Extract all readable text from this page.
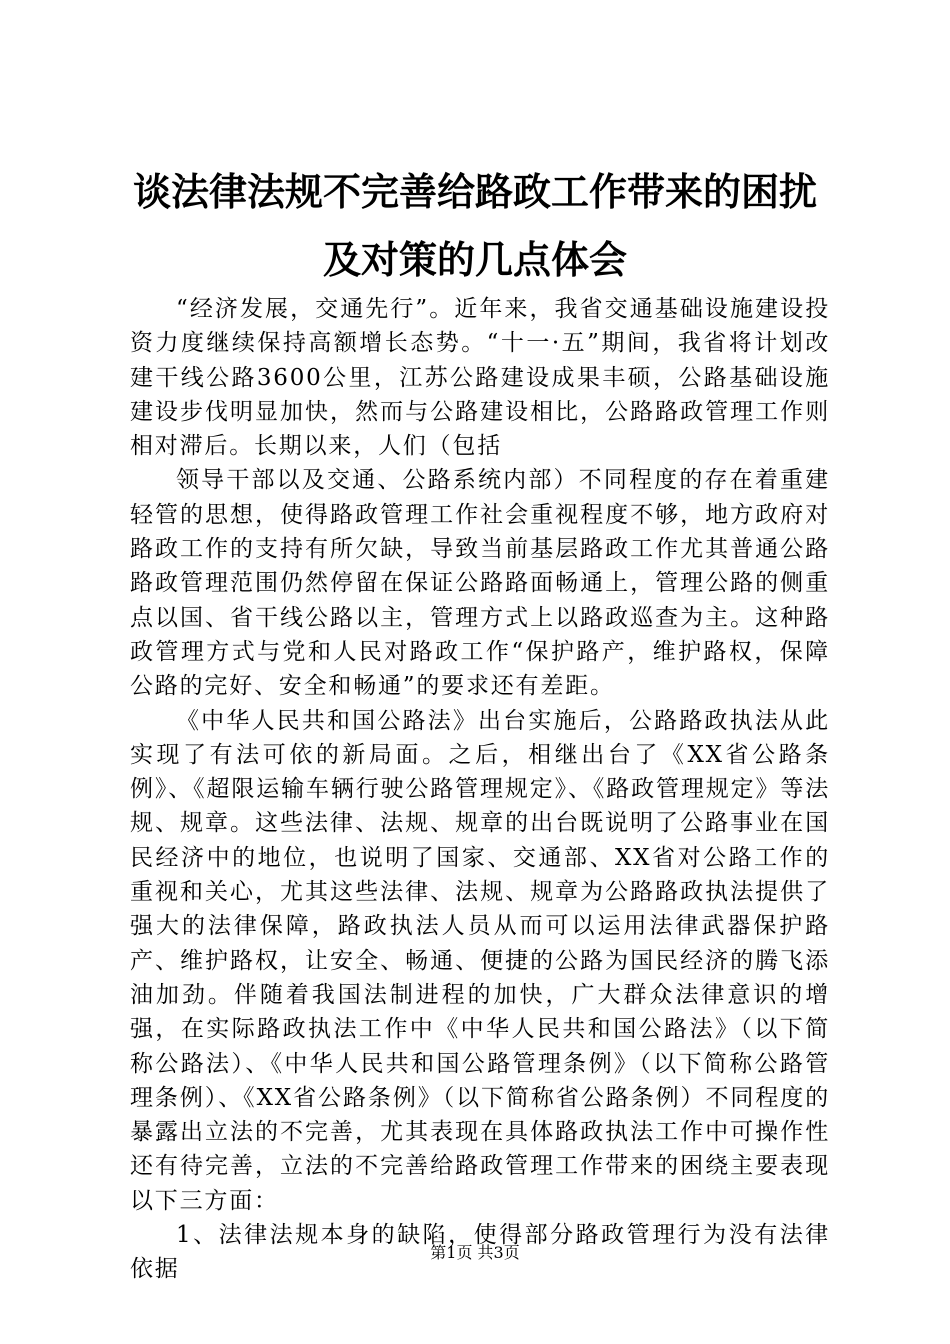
谈法律法规不完善给路政工作带来的困扰及对策的几点体会

“经济发展，交通先行”。近年来，我省交通基础设施建设投资力度继续保持高额增长态势。“十一·五”期间，我省将计划改建干线公路3600公里，江苏公路建设成果丰硕，公路基础设施建设步伐明显加快，然而与公路建设相比，公路路政管理工作则相对滞后。长期以来，人们（包括

领导干部以及交通、公路系统内部）不同程度的存在着重建轻管的思想，使得路政管理工作社会重视程度不够，地方政府对路政工作的支持有所欠缺，导致当前基层路政工作尤其普通公路路政管理范围仍然停留在保证公路路面畅通上，管理公路的侧重点以国、省干线公路以主，管理方式上以路政巡查为主。这种路政管理方式与党和人民对路政工作“保护路产，维护路权，保障公路的完好、安全和畅通”的要求还有差距。

《中华人民共和国公路法》出台实施后，公路路政执法从此实现了有法可依的新局面。之后，相继出台了《XX省公路条例》、《超限运输车辆行驶公路管理规定》、《路政管理规定》等法规、规章。这些法律、法规、规章的出台既说明了公路事业在国民经济中的地位，也说明了国家、交通部、XX省对公路工作的重视和关心，尤其这些法律、法规、规章为公路路政执法提供了强大的法律保障，路政执法人员从而可以运用法律武器保护路产、维护路权，让安全、畅通、便捷的公路为国民经济的腾飞添油加劲。伴随着我国法制进程的加快，广大群众法律意识的增强，在实际路政执法工作中《中华人民共和国公路法》（以下简称公路法）、《中华人民共和国公路管理条例》（以下简称公路管理条例）、《XX省公路条例》（以下简称省公路条例）不同程度的暴露出立法的不完善，尤其表现在具体路政执法工作中可操作性还有待完善，立法的不完善给路政管理工作带来的困绕主要表现以下三方面：

1、法律法规本身的缺陷，使得部分路政管理行为没有法律依据

第1页 共3页
